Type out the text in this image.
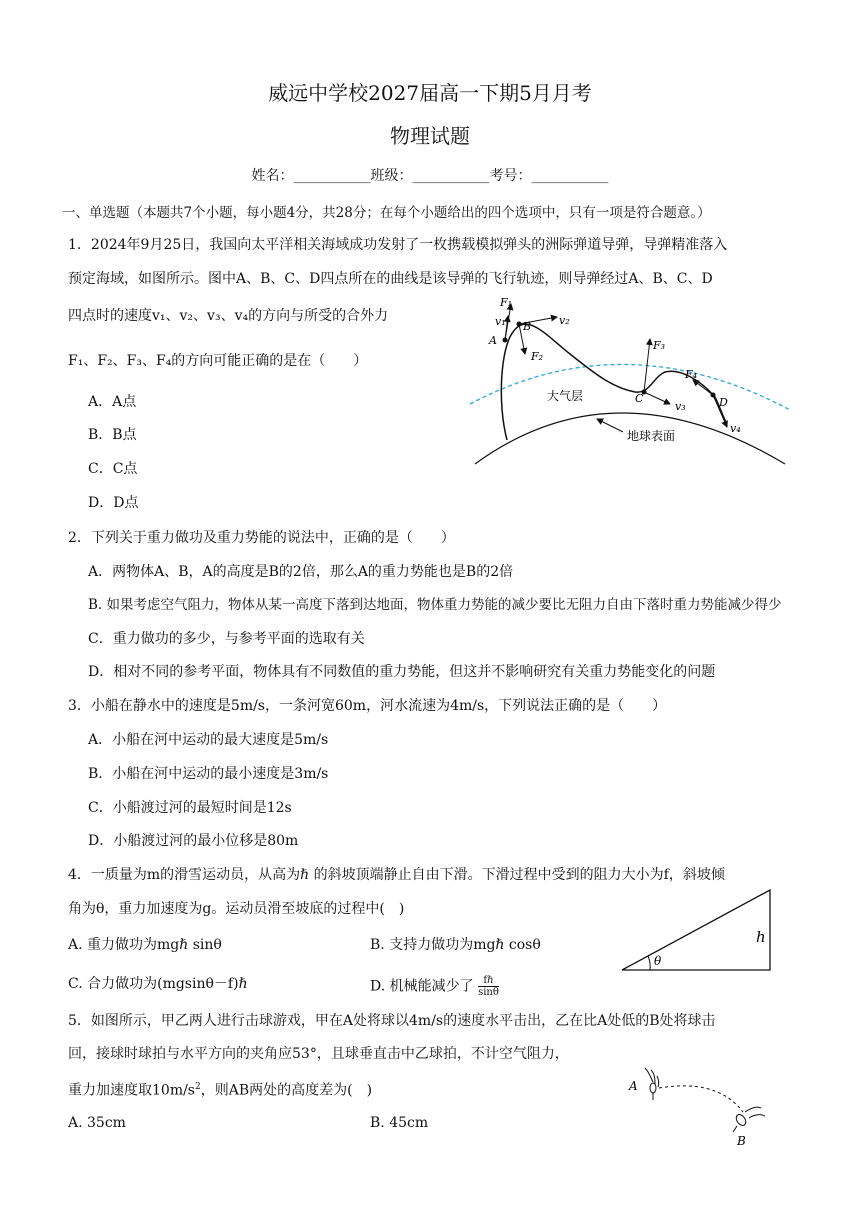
威远中学校2027届高一下期5月月考
物理试题
姓名：___________班级：___________考号：___________
一、单选题（本题共7个小题，每小题4分，共28分；在每个小题给出的四个选项中，只有一项是符合题意。）
1．2024年9月25日，我国向太平洋相关海域成功发射了一枚携载模拟弹头的洲际弹道导弹，导弹精准落入
预定海域，如图所示。图中A、B、C、D四点所在的曲线是该导弹的飞行轨迹，则导弹经过A、B、C、D
四点时的速度v₁、v₂、v₃、v₄的方向与所受的合外力
F₁、F₂、F₃、F₄的方向可能正确的是在（　　）
A．A点
B．B点
C．C点
D．D点
F₁
v₁
A
B	v₂
F₂
F₃
C
v₃
F₄
D
v₄
大气层
地球表面
2．下列关于重力做功及重力势能的说法中，正确的是（　　）
A．两物体A、B，A的高度是B的2倍，那么A的重力势能也是B的2倍
B. 如果考虑空气阻力，物体从某一高度下落到达地面，物体重力势能的减少要比无阻力自由下落时重力势能减少得少
C．重力做功的多少，与参考平面的选取有关
D．相对不同的参考平面，物体具有不同数值的重力势能，但这并不影响研究有关重力势能变化的问题
3．小船在静水中的速度是5m/s，一条河宽60m，河水流速为4m/s，下列说法正确的是（　　）
A．小船在河中运动的最大速度是5m/s
B．小船在河中运动的最小速度是3m/s
C．小船渡过河的最短时间是12s
D．小船渡过河的最小位移是80m
4．一质量为m的滑雪运动员，从高为ℏ 的斜坡顶端静止自由下滑。下滑过程中受到的阻力大小为f，斜坡倾
角为θ，重力加速度为g。运动员滑至坡底的过程中(　)
A. 重力做功为mgℏ sinθ	B. 支持力做功为mgℏ cosθ
C. 合力做功为(mgsinθ－f)ℏ	D. 机械能减少了 fℏ
sinθ
θ
h
5．如图所示，甲乙两人进行击球游戏，甲在A处将球以4m/s的速度水平击出，乙在比A处低的B处将球击
回，接球时球拍与水平方向的夹角应53°，且球垂直击中乙球拍，不计空气阻力，
重力加速度取$10m/s^2$，则AB两处的高度差为(　)
A. 35cm	B. 45cm
A
B
